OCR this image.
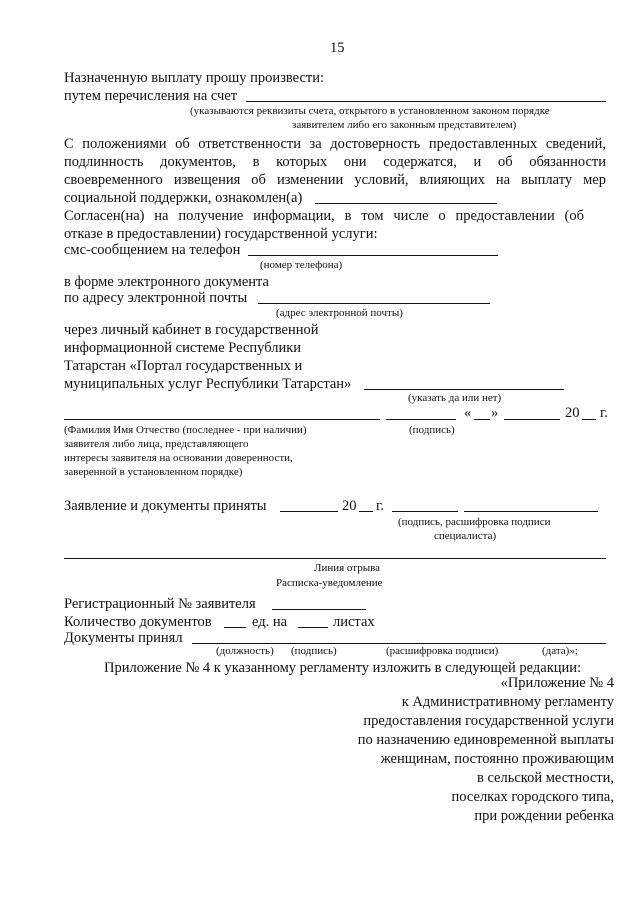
15
Назначенную выплату прошу произвести:
путем перечисления на счет
(указываются реквизиты счета, открытого в установленном законом порядке
заявителем либо его законным представителем)
С положениями об ответственности за достоверность предоставленных сведений,
подлинность документов, в которых они содержатся, и об обязанности
своевременного извещения об изменении условий, влияющих на выплату мер
социальной поддержки, ознакомлен(а)
Согласен(на) на получение информации, в том числе о предоставлении (об
отказе в предоставлении) государственной услуги:
смс-сообщением на телефон
(номер телефона)
в форме электронного документа
по адресу электронной почты
(адрес электронной почты)
через личный кабинет в государственной
информационной системе Республики
Татарстан «Портал государственных и
муниципальных услуг Республики Татарстан»
(указать да или нет)
« »	20 г.
(Фамилия Имя Отчество (последнее - при наличии)	(подпись)
заявителя либо лица, представляющего
интересы заявителя на основании доверенности,
заверенной в установленном порядке)
Заявление и документы приняты	20 г.
(подпись, расшифровка подписи
специалиста)
Линия отрыва
Расписка-уведомление
Регистрационный № заявителя
Количество документов	ед. на	листах
Документы принял
(должность) (подпись)	(расшифровка подписи)	(дата)»;
Приложение № 4 к указанному регламенту изложить в следующей редакции:
«Приложение № 4
к Административному регламенту
предоставления государственной услуги
по назначению единовременной выплаты
женщинам, постоянно проживающим
в сельской местности,
поселках городского типа,
при рождении ребенка
